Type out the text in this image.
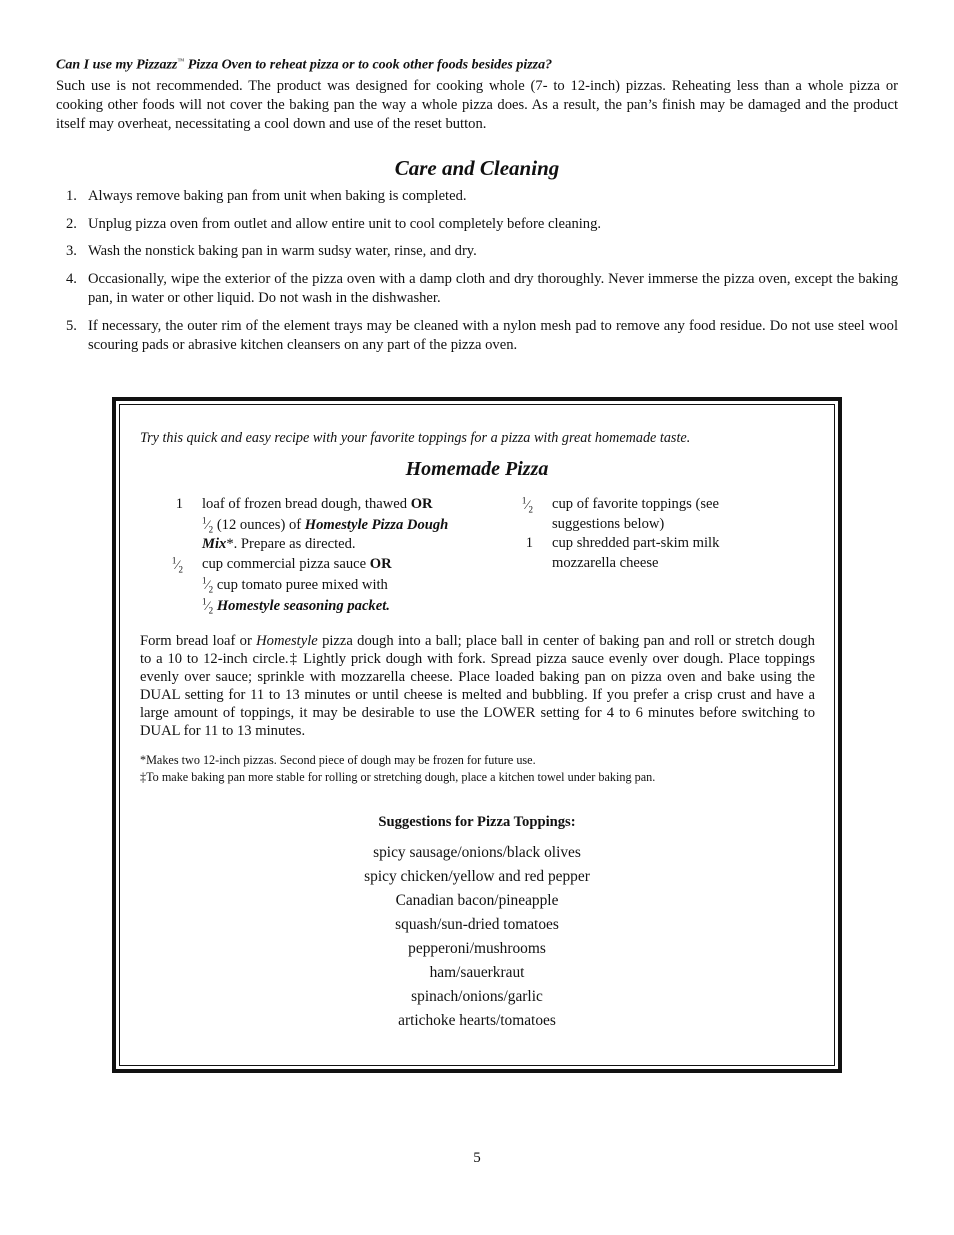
Can I use my Pizzazz™ Pizza Oven to reheat pizza or to cook other foods besides pizza?

Such use is not recommended. The product was designed for cooking whole (7- to 12-inch) pizzas. Reheating less than a whole pizza or cooking other foods will not cover the baking pan the way a whole pizza does. As a result, the pan’s finish may be damaged and the product itself may overheat, necessitating a cool down and use of the reset button.

Care and Cleaning
1. Always remove baking pan from unit when baking is completed.
2. Unplug pizza oven from outlet and allow entire unit to cool completely before cleaning.
3. Wash the nonstick baking pan in warm sudsy water, rinse, and dry.
4. Occasionally, wipe the exterior of the pizza oven with a damp cloth and dry thoroughly. Never immerse the pizza oven, except the baking pan, in water or other liquid. Do not wash in the dishwasher.
5. If necessary, the outer rim of the element trays may be cleaned with a nylon mesh pad to remove any food residue. Do not use steel wool scouring pads or abrasive kitchen cleansers on any part of the pizza oven.

Try this quick and easy recipe with your favorite toppings for a pizza with great homemade taste.

Homemade Pizza
1 loaf of frozen bread dough, thawed OR
$^1⁄_2$ (12 ounces) of Homestyle Pizza Dough Mix*. Prepare as directed.
$^1⁄_2$ cup commercial pizza sauce OR
$^1⁄_2$ cup tomato puree mixed with
$^1⁄_2$ Homestyle seasoning packet.
$^1⁄_2$ cup of favorite toppings (see suggestions below)
1 cup shredded part-skim milk mozzarella cheese

Form bread loaf or Homestyle pizza dough into a ball; place ball in center of baking pan and roll or stretch dough to a 10 to 12-inch circle.‡ Lightly prick dough with fork. Spread pizza sauce evenly over dough. Place toppings evenly over sauce; sprinkle with mozzarella cheese. Place loaded baking pan on pizza oven and bake using the DUAL setting for 11 to 13 minutes or until cheese is melted and bubbling. If you prefer a crisp crust and have a large amount of toppings, it may be desirable to use the LOWER setting for 4 to 6 minutes before switching to DUAL for 11 to 13 minutes.

*Makes two 12-inch pizzas. Second piece of dough may be frozen for future use.

‡To make baking pan more stable for rolling or stretching dough, place a kitchen towel under baking pan.

Suggestions for Pizza Toppings:
spicy sausage/onions/black olives
spicy chicken/yellow and red pepper
Canadian bacon/pineapple
squash/sun-dried tomatoes
pepperoni/mushrooms
ham/sauerkraut
spinach/onions/garlic
artichoke hearts/tomatoes
5
